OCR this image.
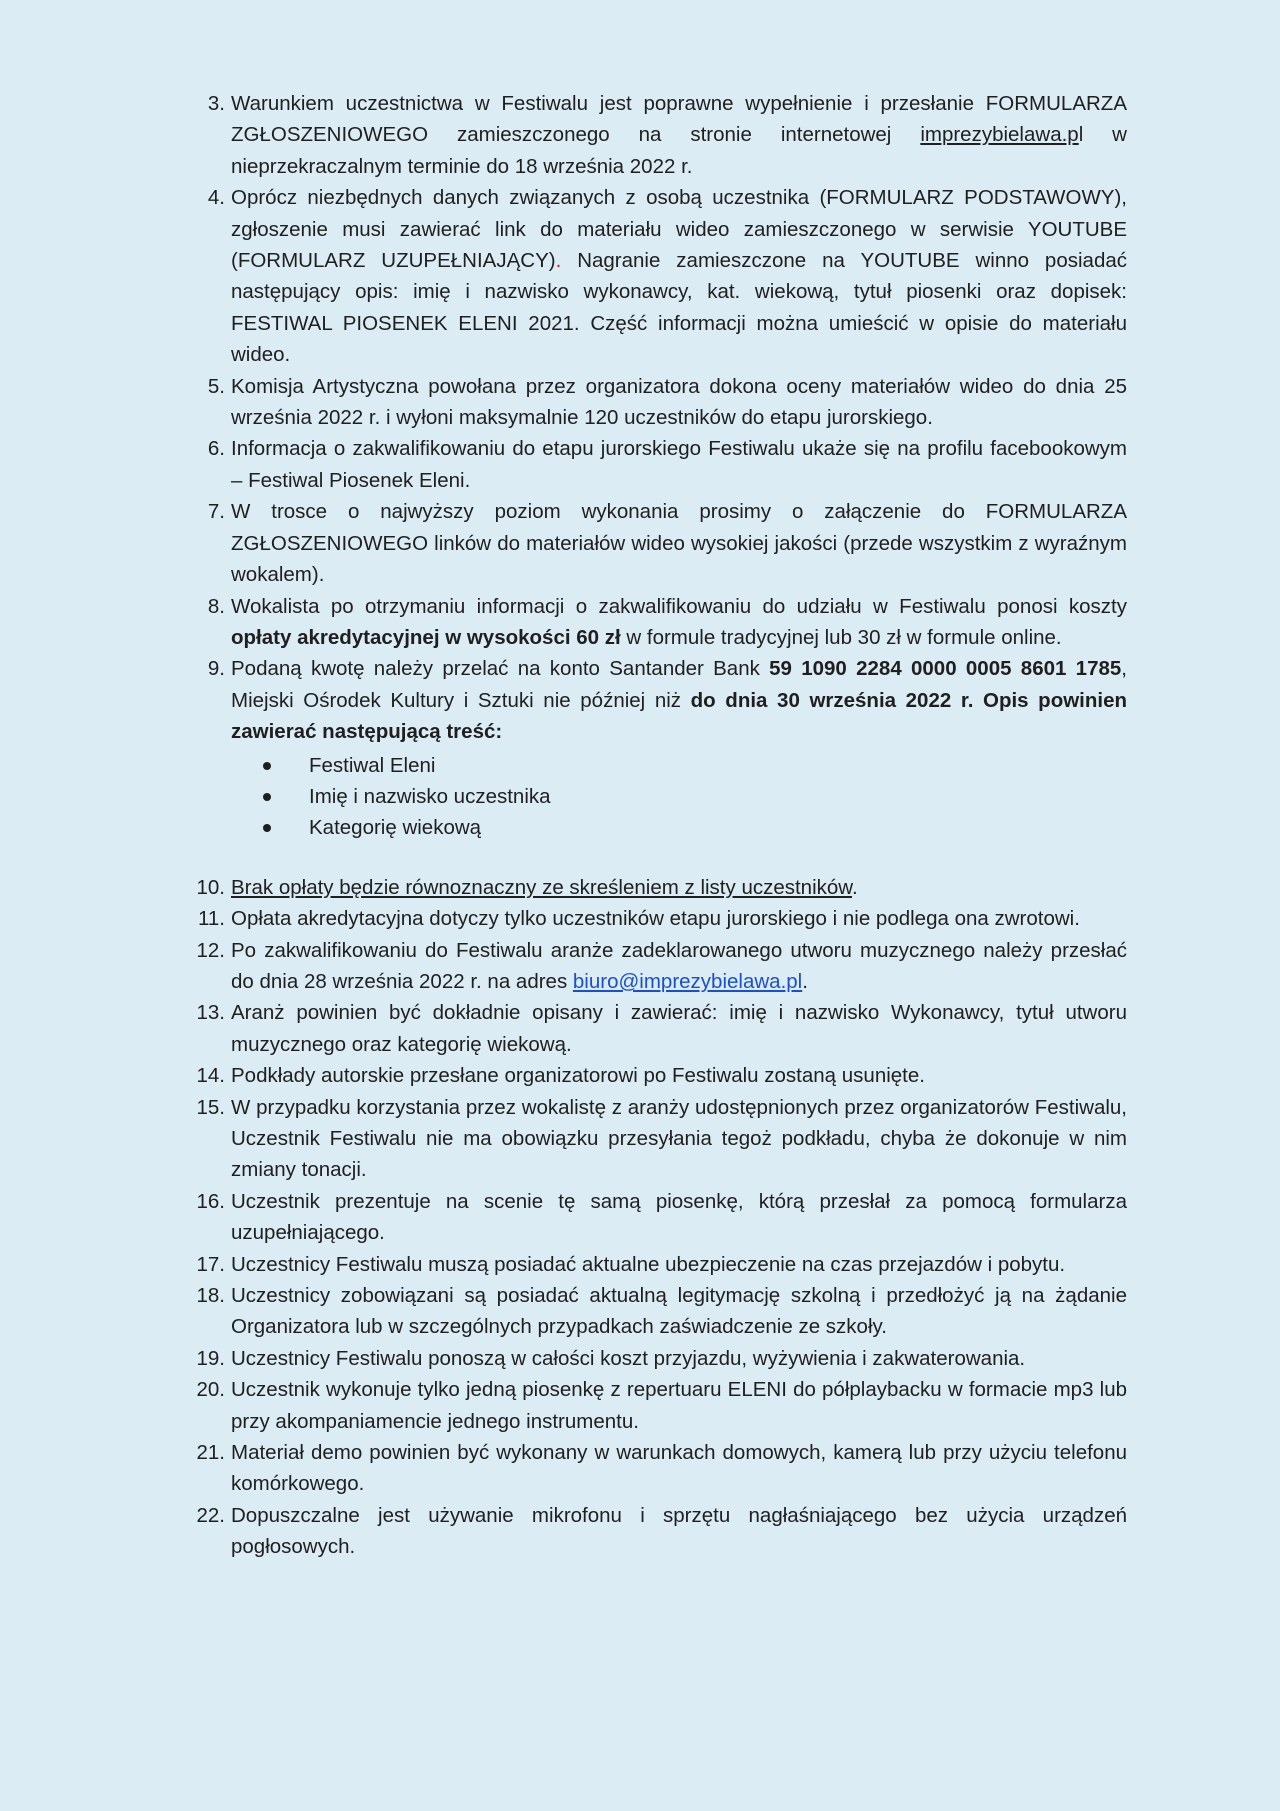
3. Warunkiem uczestnictwa w Festiwalu jest poprawne wypełnienie i przesłanie FORMULARZA ZGŁOSZENIOWEGO zamieszczonego na stronie internetowej imprezybielawa.pl w nieprzekraczalnym terminie do 18 września 2022 r.
4. Oprócz niezbędnych danych związanych z osobą uczestnika (FORMULARZ PODSTAWOWY), zgłoszenie musi zawierać link do materiału wideo zamieszczonego w serwisie YOUTUBE (FORMULARZ UZUPEŁNIAJĄCY). Nagranie zamieszczone na YOUTUBE winno posiadać następujący opis: imię i nazwisko wykonawcy, kat. wiekową, tytuł piosenki oraz dopisek: FESTIWAL PIOSENEK ELENI 2021. Część informacji można umieścić w opisie do materiału wideo.
5. Komisja Artystyczna powołana przez organizatora dokona oceny materiałów wideo do dnia 25 września 2022 r. i wyłoni maksymalnie 120 uczestników do etapu jurorskiego.
6. Informacja o zakwalifikowaniu do etapu jurorskiego Festiwalu ukaże się na profilu facebookowym – Festiwal Piosenek Eleni.
7. W trosce o najwyższy poziom wykonania prosimy o załączenie do FORMULARZA ZGŁOSZENIOWEGO linków do materiałów wideo wysokiej jakości (przede wszystkim z wyraźnym wokalem).
8. Wokalista po otrzymaniu informacji o zakwalifikowaniu do udziału w Festiwalu ponosi koszty opłaty akredytacyjnej w wysokości 60 zł w formule tradycyjnej lub 30 zł w formule online.
9. Podaną kwotę należy przelać na konto Santander Bank 59 1090 2284 0000 0005 8601 1785, Miejski Ośrodek Kultury i Sztuki nie później niż do dnia 30 września 2022 r. Opis powinien zawierać następującą treść:
Festiwal Eleni
Imię i nazwisko uczestnika
Kategorię wiekową
10. Brak opłaty będzie równoznaczny ze skreśleniem z listy uczestników.
11. Opłata akredytacyjna dotyczy tylko uczestników etapu jurorskiego i nie podlega ona zwrotowi.
12. Po zakwalifikowaniu do Festiwalu aranże zadeklarowanego utworu muzycznego należy przesłać do dnia 28 września 2022 r. na adres biuro@imprezybielawa.pl.
13. Aranż powinien być dokładnie opisany i zawierać: imię i nazwisko Wykonawcy, tytuł utworu muzycznego oraz kategorię wiekową.
14. Podkłady autorskie przesłane organizatorowi po Festiwalu zostaną usunięte.
15. W przypadku korzystania przez wokalistę z aranży udostępnionych przez organizatorów Festiwalu, Uczestnik Festiwalu nie ma obowiązku przesyłania tegoż podkładu, chyba że dokonuje w nim zmiany tonacji.
16. Uczestnik prezentuje na scenie tę samą piosenkę, którą przesłał za pomocą formularza uzupełniającego.
17. Uczestnicy Festiwalu muszą posiadać aktualne ubezpieczenie na czas przejazdów i pobytu.
18. Uczestnicy zobowiązani są posiadać aktualną legitymację szkolną i przedłożyć ją na żądanie Organizatora lub w szczególnych przypadkach zaświadczenie ze szkoły.
19. Uczestnicy Festiwalu ponoszą w całości koszt przyjazdu, wyżywienia i zakwaterowania.
20. Uczestnik wykonuje tylko jedną piosenkę z repertuaru ELENI do półplaybacku w formacie mp3 lub przy akompaniamencie jednego instrumentu.
21. Materiał demo powinien być wykonany w warunkach domowych, kamerą lub przy użyciu telefonu komórkowego.
22. Dopuszczalne jest używanie mikrofonu i sprzętu nagłaśniającego bez użycia urządzeń pogłosowych.
